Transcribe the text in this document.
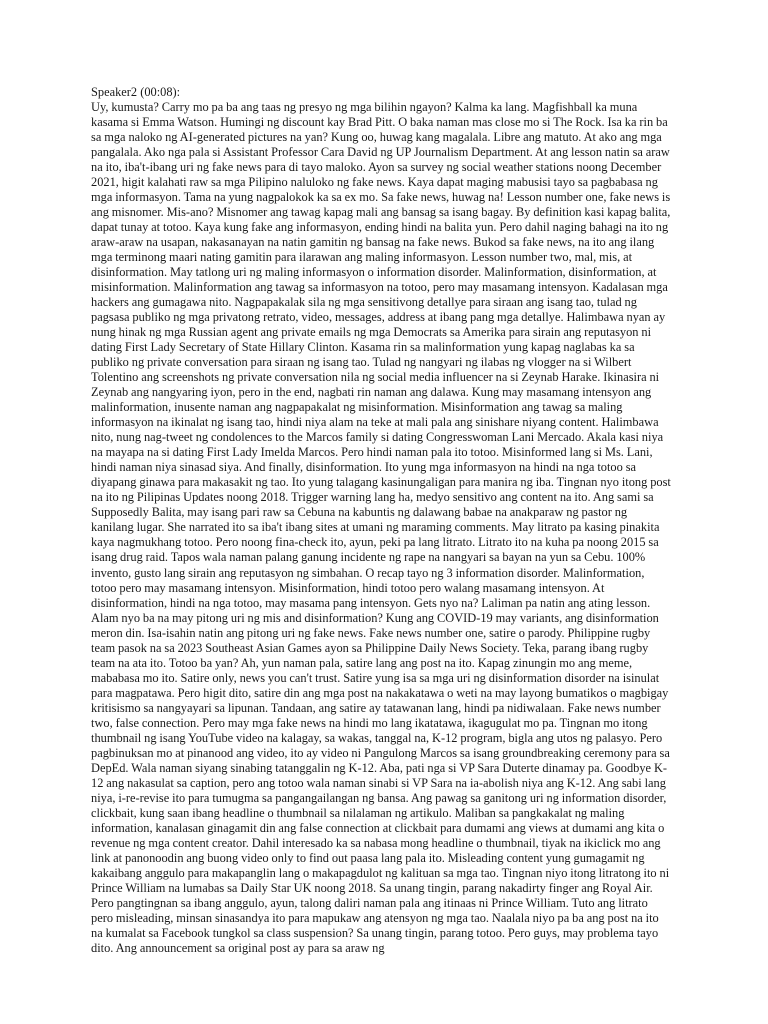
Speaker2 (00:08):

Uy, kumusta? Carry mo pa ba ang taas ng presyo ng mga bilihin ngayon? Kalma ka lang. Magfishball ka muna kasama si Emma Watson. Humingi ng discount kay Brad Pitt. O baka naman mas close mo si The Rock. Isa ka rin ba sa mga naloko ng AI-generated pictures na yan? Kung oo, huwag kang magalala. Libre ang matuto. At ako ang mga pangalala. Ako nga pala si Assistant Professor Cara David ng UP Journalism Department. At ang lesson natin sa araw na ito, iba't-ibang uri ng fake news para di tayo maloko. Ayon sa survey ng social weather stations noong December 2021, higit kalahati raw sa mga Pilipino naluloko ng fake news. Kaya dapat maging mabusisi tayo sa pagbabasa ng mga informasyon. Tama na yung nagpalokok ka sa ex mo. Sa fake news, huwag na! Lesson number one, fake news is ang misnomer. Mis-ano? Misnomer ang tawag kapag mali ang bansag sa isang bagay. By definition kasi kapag balita, dapat tunay at totoo. Kaya kung fake ang informasyon, ending hindi na balita yun. Pero dahil naging bahagi na ito ng araw-araw na usapan, nakasanayan na natin gamitin ng bansag na fake news. Bukod sa fake news, na ito ang ilang mga terminong maari nating gamitin para ilarawan ang maling informasyon. Lesson number two, mal, mis, at disinformation. May tatlong uri ng maling informasyon o information disorder. Malinformation, disinformation, at misinformation. Malinformation ang tawag sa informasyon na totoo, pero may masamang intensyon. Kadalasan mga hackers ang gumagawa nito. Nagpapakalak sila ng mga sensitivong detallye para siraan ang isang tao, tulad ng pagsasa publiko ng mga privatong retrato, video, messages, address at ibang pang mga detallye. Halimbawa nyan ay nung hinak ng mga Russian agent ang private emails ng mga Democrats sa Amerika para sirain ang reputasyon ni dating First Lady Secretary of State Hillary Clinton. Kasama rin sa malinformation yung kapag naglabas ka sa publiko ng private conversation para siraan ng isang tao. Tulad ng nangyari ng ilabas ng vlogger na si Wilbert Tolentino ang screenshots ng private conversation nila ng social media influencer na si Zeynab Harake. Ikinasira ni Zeynab ang nangyaring iyon, pero in the end, nagbati rin naman ang dalawa. Kung may masamang intensyon ang malinformation, inusente naman ang nagpapakalat ng misinformation. Misinformation ang tawag sa maling informasyon na ikinalat ng isang tao, hindi niya alam na teke at mali pala ang sinishare niyang content. Halimbawa nito, nung nag-tweet ng condolences to the Marcos family si dating Congresswoman Lani Mercado. Akala kasi niya na mayapa na si dating First Lady Imelda Marcos. Pero hindi naman pala ito totoo. Misinformed lang si Ms. Lani, hindi naman niya sinasad siya. And finally, disinformation. Ito yung mga informasyon na hindi na nga totoo sa diyapang ginawa para makasakit ng tao. Ito yung talagang kasinungaligan para manira ng iba. Tingnan nyo itong post na ito ng Pilipinas Updates noong 2018. Trigger warning lang ha, medyo sensitivo ang content na ito. Ang sami sa Supposedly Balita, may isang pari raw sa Cebuna na kabuntis ng dalawang babae na anakparaw ng pastor ng kanilang lugar. She narrated ito sa iba't ibang sites at umani ng maraming comments. May litrato pa kasing pinakita kaya nagmukhang totoo. Pero noong fina-check ito, ayun, peki pa lang litrato. Litrato ito na kuha pa noong 2015 sa isang drug raid. Tapos wala naman palang ganung incidente ng rape na nangyari sa bayan na yun sa Cebu. 100% invento, gusto lang sirain ang reputasyon ng simbahan. O recap tayo ng 3 information disorder. Malinformation, totoo pero may masamang intensyon. Misinformation, hindi totoo pero walang masamang intensyon. At disinformation, hindi na nga totoo, may masama pang intensyon. Gets nyo na? Laliman pa natin ang ating lesson. Alam nyo ba na may pitong uri ng mis and disinformation? Kung ang COVID-19 may variants, ang disinformation meron din. Isa-isahin natin ang pitong uri ng fake news. Fake news number one, satire o parody. Philippine rugby team pasok na sa 2023 Southeast Asian Games ayon sa Philippine Daily News Society. Teka, parang ibang rugby team na ata ito. Totoo ba yan? Ah, yun naman pala, satire lang ang post na ito. Kapag zinungin mo ang meme, mababasa mo ito. Satire only, news you can't trust. Satire yung isa sa mga uri ng disinformation disorder na isinulat para magpatawa. Pero higit dito, satire din ang mga post na nakakatawa o weti na may layong bumatikos o magbigay kritisismo sa nangyayari sa lipunan. Tandaan, ang satire ay tatawanan lang, hindi pa nidiwalaan. Fake news number two, false connection. Pero may mga fake news na hindi mo lang ikatatawa, ikagugulat mo pa. Tingnan mo itong thumbnail ng isang YouTube video na kalagay, sa wakas, tanggal na, K-12 program, bigla ang utos ng palasyo. Pero pagbinuksan mo at pinanood ang video, ito ay video ni Pangulong Marcos sa isang groundbreaking ceremony para sa DepEd. Wala naman siyang sinabing tatanggalin ng K-12. Aba, pati nga si VP Sara Duterte dinamay pa. Goodbye K-12 ang nakasulat sa caption, pero ang totoo wala naman sinabi si VP Sara na ia-abolish niya ang K-12. Ang sabi lang niya, i-re-revise ito para tumugma sa pangangailangan ng bansa. Ang pawag sa ganitong uri ng information disorder, clickbait, kung saan ibang headline o thumbnail sa nilalaman ng artikulo. Maliban sa pangkakalat ng maling information, kanalasan ginagamit din ang false connection at clickbait para dumami ang views at dumami ang kita o revenue ng mga content creator. Dahil interesado ka sa nabasa mong headline o thumbnail, tiyak na ikiclick mo ang link at panonoodin ang buong video only to find out paasa lang pala ito. Misleading content yung gumagamit ng kakaibang anggulo para makapanglin lang o makapagdulot ng kalituan sa mga tao. Tingnan niyo itong litratong ito ni Prince William na lumabas sa Daily Star UK noong 2018. Sa unang tingin, parang nakadirty finger ang Royal Air. Pero pangtingnan sa ibang anggulo, ayun, talong daliri naman pala ang itinaas ni Prince William. Tuto ang litrato pero misleading, minsan sinasandya ito para mapukaw ang atensyon ng mga tao. Naalala niyo pa ba ang post na ito na kumalat sa Facebook tungkol sa class suspension? Sa unang tingin, parang totoo. Pero guys, may problema tayo dito. Ang announcement sa original post ay para sa araw ng
